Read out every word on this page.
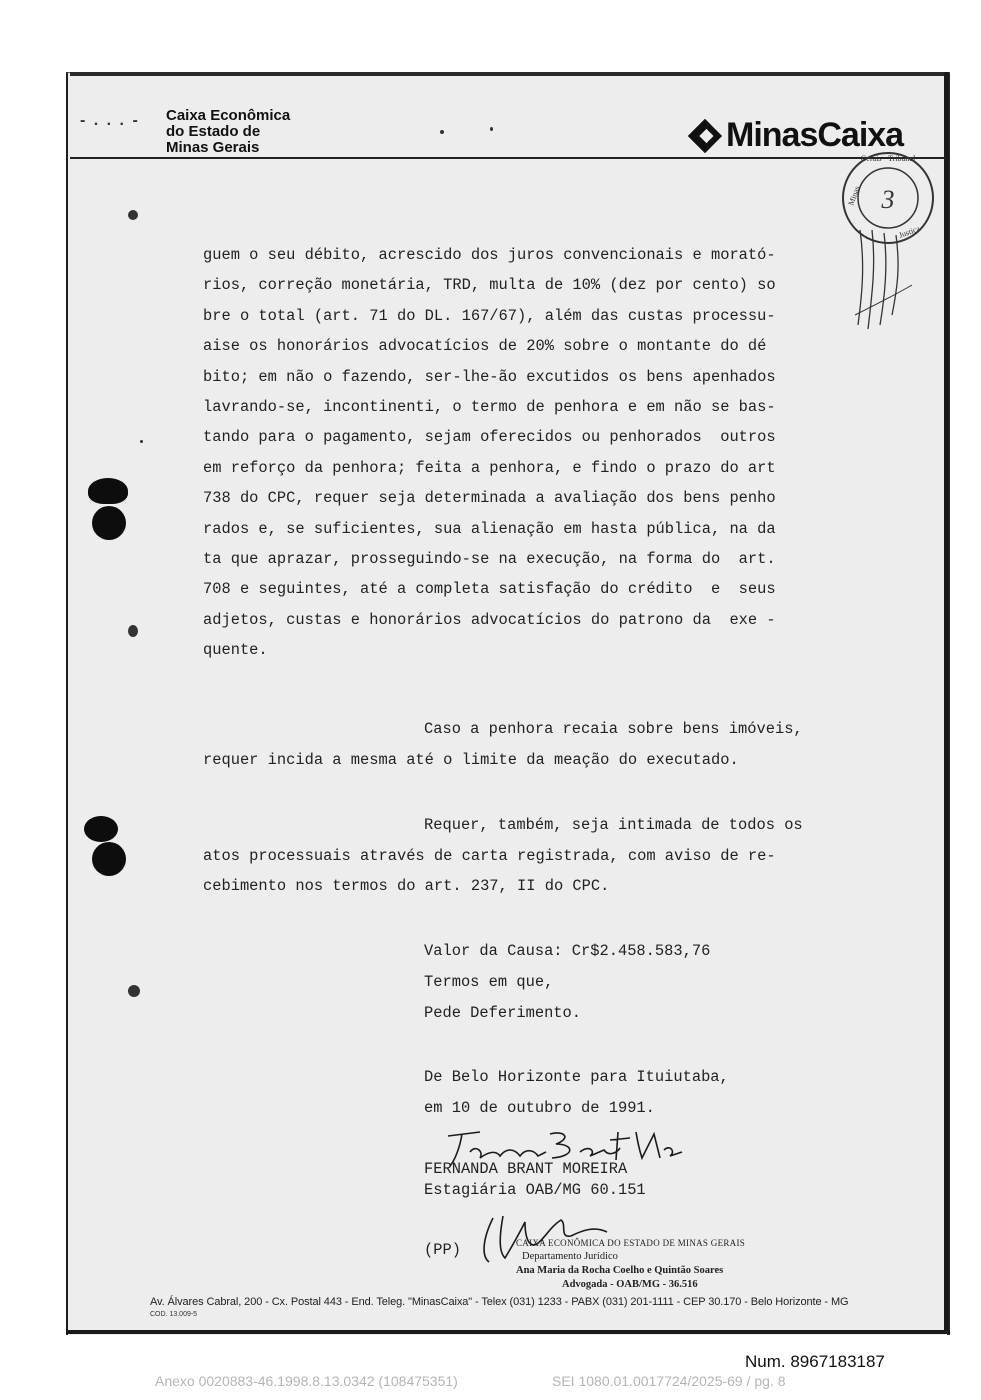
- . . . - Caixa Econômica
do Estado de
Minas Gerais	MinasCaixa
Gerais · Tribunal
Minas
Justiça
3
guem o seu débito, acrescido dos juros convencionais e morató-
rios, correção monetária, TRD, multa de 10% (dez por cento) so
bre o total (art. 71 do DL. 167/67), além das custas processu-
aise os honorários advocatícios de 20% sobre o montante do dé
bito; em não o fazendo, ser-lhe-ão excutidos os bens apenhados
lavrando-se, incontinenti, o termo de penhora e em não se bas-
tando para o pagamento, sejam oferecidos ou penhorados  outros
em reforço da penhora; feita a penhora, e findo o prazo do art
738 do CPC, requer seja determinada a avaliação dos bens penho
rados e, se suficientes, sua alienação em hasta pública, na da
ta que aprazar, prosseguindo-se na execução, na forma do  art.
708 e seguintes, até a completa satisfação do crédito  e  seus
adjetos, custas e honorários advocatícios do patrono da  exe -
quente.
Caso a penhora recaia sobre bens imóveis,
requer incida a mesma até o limite da meação do executado.
Requer, também, seja intimada de todos os
atos processuais através de carta registrada, com aviso de re-
cebimento nos termos do art. 237, II do CPC.
Valor da Causa: Cr$2.458.583,76
Termos em que,
Pede Deferimento.
De Belo Horizonte para Ituiutaba,
em 10 de outubro de 1991.
FERNANDA BRANT MOREIRA
Estagiária OAB/MG 60.151
(PP)	CAIXA ECONÔMICA DO ESTADO DE MINAS GERAIS
Departamento Jurídico
Ana Maria da Rocha Coelho e Quintão Soares
Advogada - OAB/MG - 36.516
Av. Álvares Cabral, 200 - Cx. Postal 443 - End. Teleg. "MinasCaixa" - Telex (031) 1233 - PABX (031) 201-1111 - CEP 30.170 - Belo Horizonte - MG
COD. 13.009-5
Num. 8967183187
Anexo 0020883-46.1998.8.13.0342 (108475351)	SEI 1080.01.0017724/2025-69 / pg. 8
